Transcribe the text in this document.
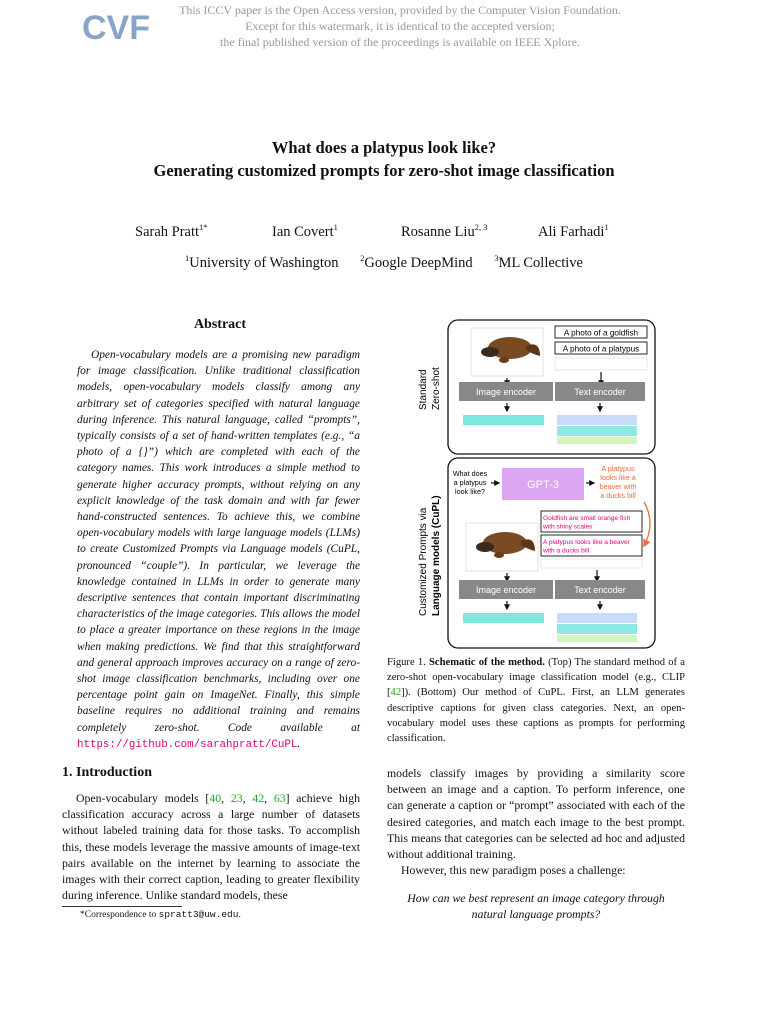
CVF	This ICCV paper is the Open Access version, provided by the Computer Vision Foundation.
Except for this watermark, it is identical to the accepted version;
the final published version of the proceedings is available on IEEE Xplore.
What does a platypus look like?
Generating customized prompts for zero-shot image classification
Sarah Pratt$^{1*}$	Ian Covert$^1$	Rosanne Liu$^{2, 3}$	Ali Farhadi$^1$
$^1$University of Washington	$^2$Google DeepMind	$^3$ML Collective
Abstract
Open-vocabulary models are a promising new paradigm for image classification. Unlike traditional classification models, open-vocabulary models classify among any arbitrary set of categories specified with natural language during inference. This natural language, called “prompts”, typically consists of a set of hand-written templates (e.g., “a photo of a {}”) which are completed with each of the category names. This work introduces a simple method to generate higher accuracy prompts, without relying on any explicit knowledge of the task domain and with far fewer hand-constructed sentences. To achieve this, we combine open-vocabulary models with large language models (LLMs) to create Customized Prompts via Language models (CuPL, pronounced “couple”). In particular, we leverage the knowledge contained in LLMs in order to generate many descriptive sentences that contain important discriminating characteristics of the image categories. This allows the model to place a greater importance on these regions in the image when making predictions. We find that this straightforward and general approach improves accuracy on a range of zero-shot image classification benchmarks, including over one percentage point gain on ImageNet. Finally, this simple baseline requires no additional training and remains completely zero-shot. Code available at https://github.com/sarahpratt/CuPL.
Standard Zero-shot
A photo of a goldfish
A photo of a platypus
Image encoder	Text encoder
Customized Prompts via Language models (CuPL)
What does
a platypus
look like?
GPT-3
A platypus
looks like a
beaver with
a ducks bill
Goldfish are small orange fish
with shiny scales
A platypus looks like a beaver
with a ducks bill
Image encoder	Text encoder
Figure 1. Schematic of the method. (Top) The standard method of a zero-shot open-vocabulary image classification model (e.g., CLIP [42]). (Bottom) Our method of CuPL. First, an LLM generates descriptive captions for given class categories. Next, an open-vocabulary model uses these captions as prompts for performing classification.
1. Introduction
Open-vocabulary models [40, 23, 42, 63] achieve high classification accuracy across a large number of datasets without labeled training data for those tasks. To accomplish this, these models leverage the massive amounts of image-text pairs available on the internet by learning to associate the images with their correct caption, leading to greater flexibility during inference. Unlike standard models, these
*Correspondence to spratt3@uw.edu.
models classify images by providing a similarity score between an image and a caption. To perform inference, one can generate a caption or “prompt” associated with each of the desired categories, and match each image to the best prompt. This means that categories can be selected ad hoc and adjusted without additional training.
However, this new paradigm poses a challenge:
How can we best represent an image category through
natural language prompts?
